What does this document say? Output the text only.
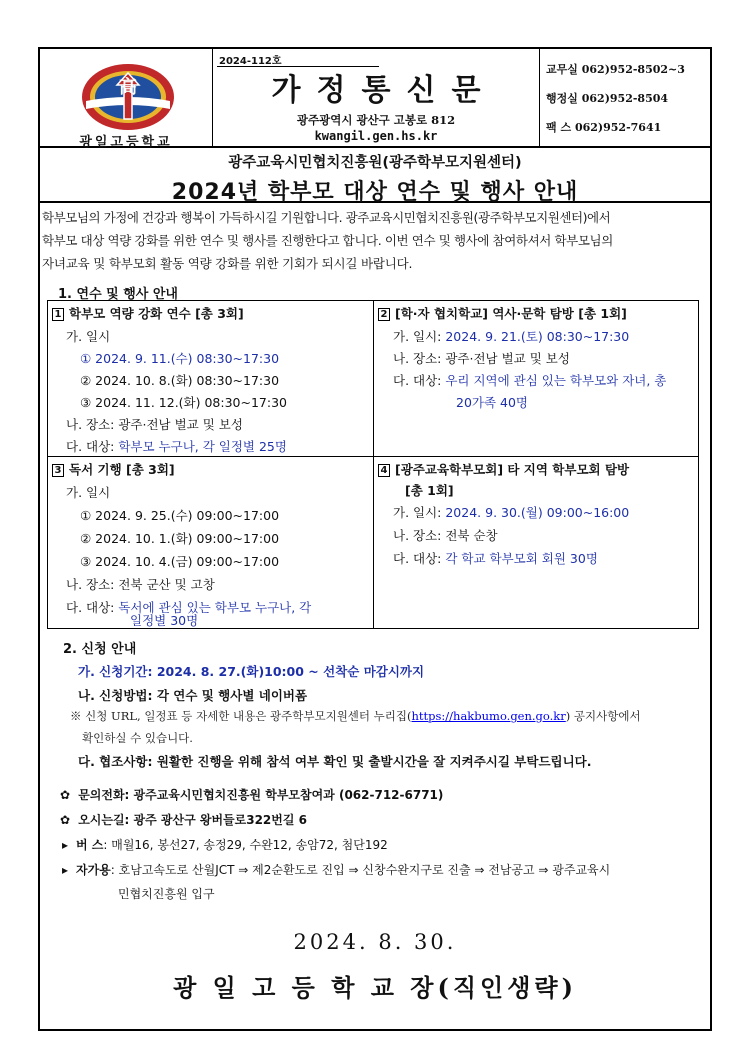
高
광일고등학교
2024-112호
가정통신문
광주광역시 광산구 고봉로 812
kwangil.gen.hs.kr
교무실 062)952-8502~3
행정실 062)952-8504
팩 스 062)952-7641
광주교육시민협치진흥원(광주학부모지원센터)
2024년 학부모 대상 연수 및 행사 안내
학부모님의 가정에 건강과 행복이 가득하시길 기원합니다. 광주교육시민협치진흥원(광주학부모지원센터)에서
학부모 대상 역량 강화를 위한 연수 및 행사를 진행한다고 합니다. 이번 연수 및 행사에 참여하셔서 학부모님의
자녀교육 및 학부모회 활동 역량 강화를 위한 기회가 되시길 바랍니다.
1. 연수 및 행사 안내
1 학부모 역량 강화 연수 [총 3회]
가. 일시
① 2024. 9. 11.(수) 08:30~17:30
② 2024. 10. 8.(화) 08:30~17:30
③ 2024. 11. 12.(화) 08:30~17:30
나. 장소: 광주·전남 벌교 및 보성
다. 대상: 학부모 누구나, 각 일정별 25명
2 [학·자 협치학교] 역사·문학 탐방 [총 1회]
가. 일시: 2024. 9. 21.(토) 08:30~17:30
나. 장소: 광주·전남 벌교 및 보성
다. 대상: 우리 지역에 관심 있는 학부모와 자녀, 총
20가족 40명
3 독서 기행 [총 3회]
가. 일시
① 2024. 9. 25.(수) 09:00~17:00
② 2024. 10. 1.(화) 09:00~17:00
③ 2024. 10. 4.(금) 09:00~17:00
나. 장소: 전북 군산 및 고창
다. 대상: 독서에 관심 있는 학부모 누구나, 각
일정별 30명
4 [광주교육학부모회] 타 지역 학부모회 탐방
[총 1회]
가. 일시: 2024. 9. 30.(월) 09:00~16:00
나. 장소: 전북 순창
다. 대상: 각 학교 학부모회 회원 30명
2. 신청 안내
가. 신청기간: 2024. 8. 27.(화)10:00 ~ 선착순 마감시까지
나. 신청방법: 각 연수 및 행사별 네이버폼
※ 신청 URL, 일정표 등 자세한 내용은 광주학부모지원센터 누리집(https://hakbumo.gen.go.kr) 공지사항에서
확인하실 수 있습니다.
다. 협조사항: 원활한 진행을 위해 참석 여부 확인 및 출발시간을 잘 지켜주시길 부탁드립니다.
✿ 문의전화: 광주교육시민협치진흥원 학부모참여과 (062-712-6771)
✿ 오시는길: 광주 광산구 왕버들로322번길 6
▸ 버 스: 매월16, 봉선27, 송정29, 수완12, 송암72, 첨단192
▸ 자가용: 호남고속도로 산월JCT ⇒ 제2순환도로 진입 ⇒ 신창수완지구로 진출 ⇒ 전남공고 ⇒ 광주교육시
민협치진흥원 입구
2024. 8. 30.
광 일 고 등 학 교 장(직인생략)
